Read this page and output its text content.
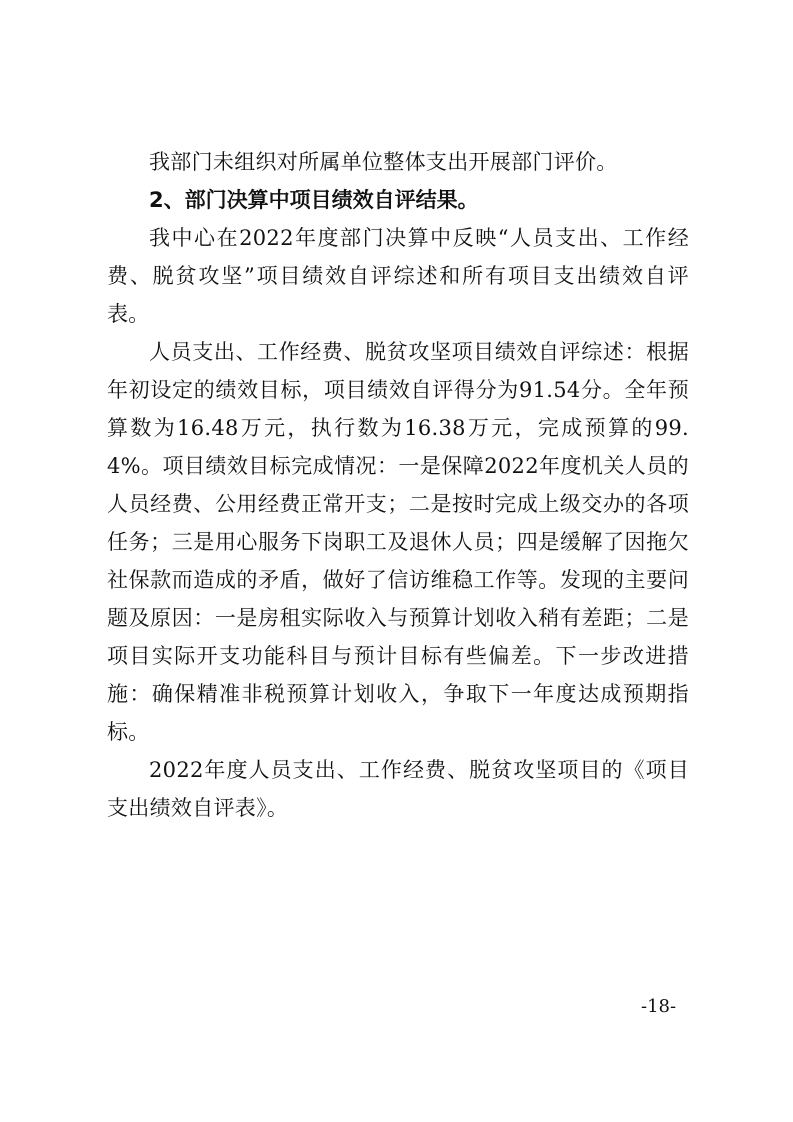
我部门未组织对所属单位整体支出开展部门评价。

2、部门决算中项目绩效自评结果。

我中心在2022年度部门决算中反映“人员支出、工作经费、脱贫攻坚”项目绩效自评综述和所有项目支出绩效自评表。

人员支出、工作经费、脱贫攻坚项目绩效自评综述：根据年初设定的绩效目标，项目绩效自评得分为91.54分。全年预算数为16.48万元，执行数为16.38万元，完成预算的99.4%。项目绩效目标完成情况：一是保障2022年度机关人员的人员经费、公用经费正常开支；二是按时完成上级交办的各项任务；三是用心服务下岗职工及退休人员；四是缓解了因拖欠社保款而造成的矛盾，做好了信访维稳工作等。发现的主要问题及原因：一是房租实际收入与预算计划收入稍有差距；二是项目实际开支功能科目与预计目标有些偏差。下一步改进措施：确保精准非税预算计划收入，争取下一年度达成预期指标。

2022年度人员支出、工作经费、脱贫攻坚项目的《项目支出绩效自评表》。

-18-
